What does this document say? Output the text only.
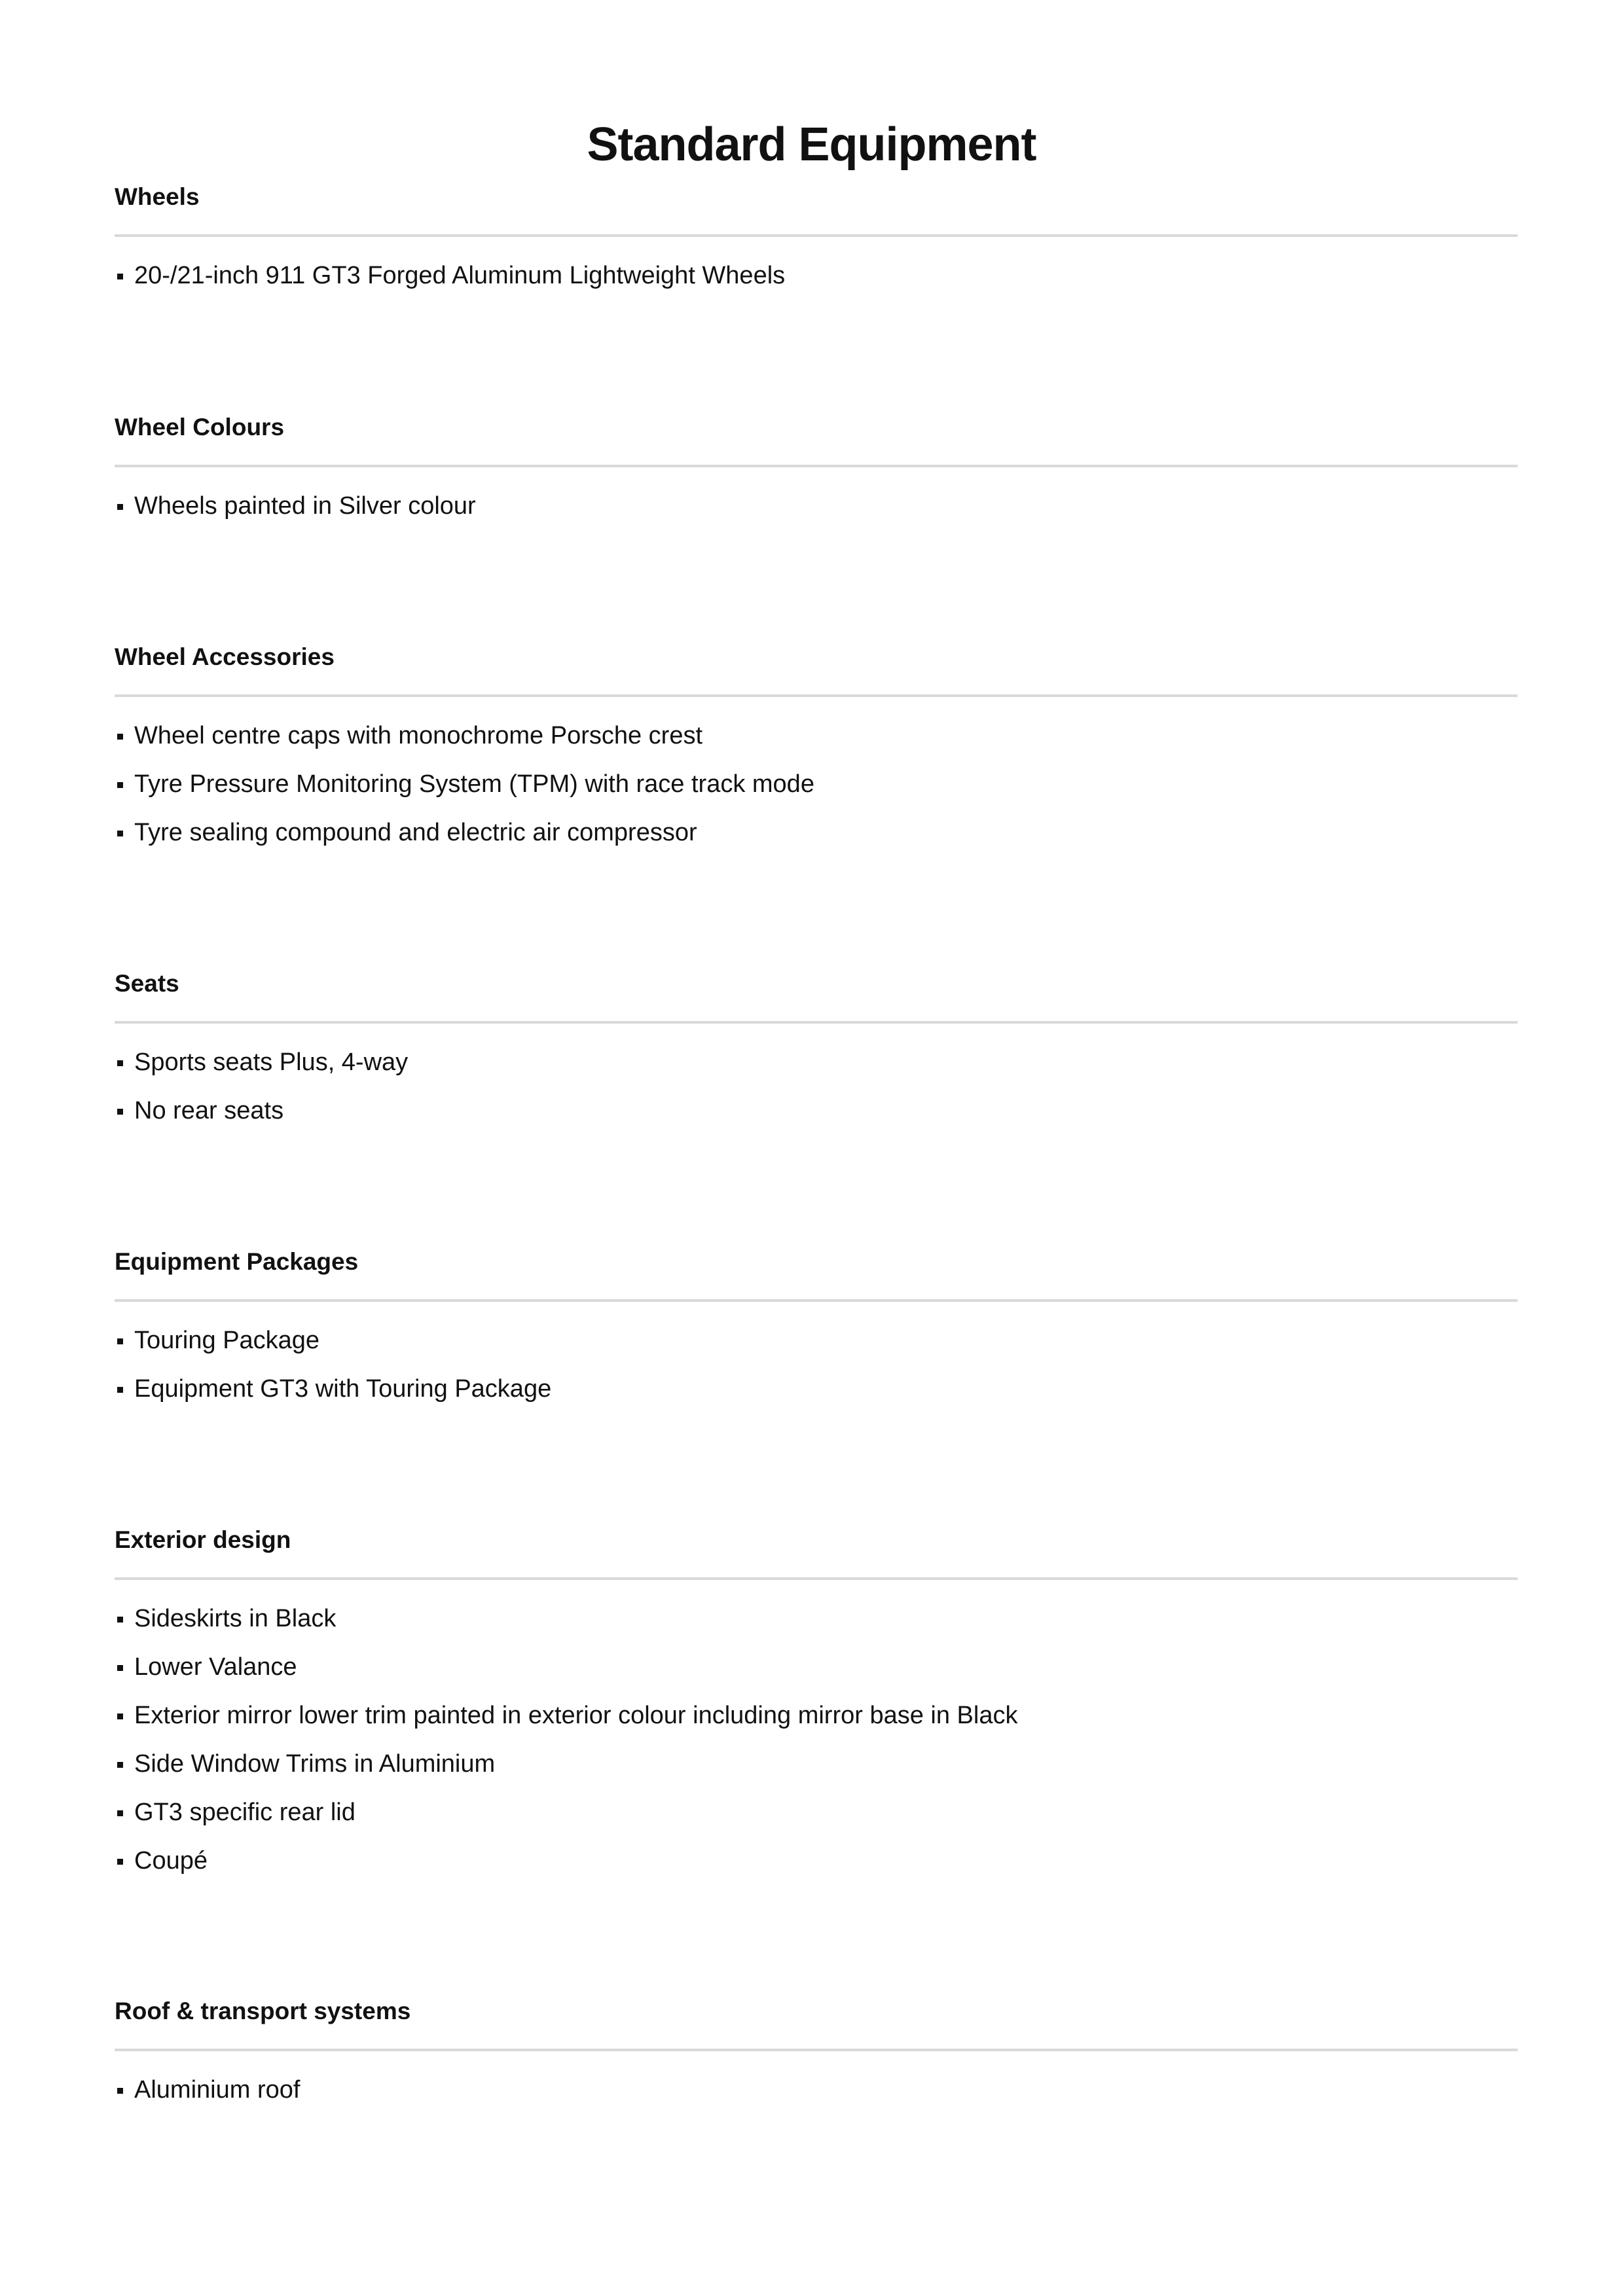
Standard Equipment
Wheels
20-/21-inch 911 GT3 Forged Aluminum Lightweight Wheels
Wheel Colours
Wheels painted in Silver colour
Wheel Accessories
Wheel centre caps with monochrome Porsche crest
Tyre Pressure Monitoring System (TPM) with race track mode
Tyre sealing compound and electric air compressor
Seats
Sports seats Plus, 4-way
No rear seats
Equipment Packages
Touring Package
Equipment GT3 with Touring Package
Exterior design
Sideskirts in Black
Lower Valance
Exterior mirror lower trim painted in exterior colour including mirror base in Black
Side Window Trims in Aluminium
GT3 specific rear lid
Coupé
Roof & transport systems
Aluminium roof
